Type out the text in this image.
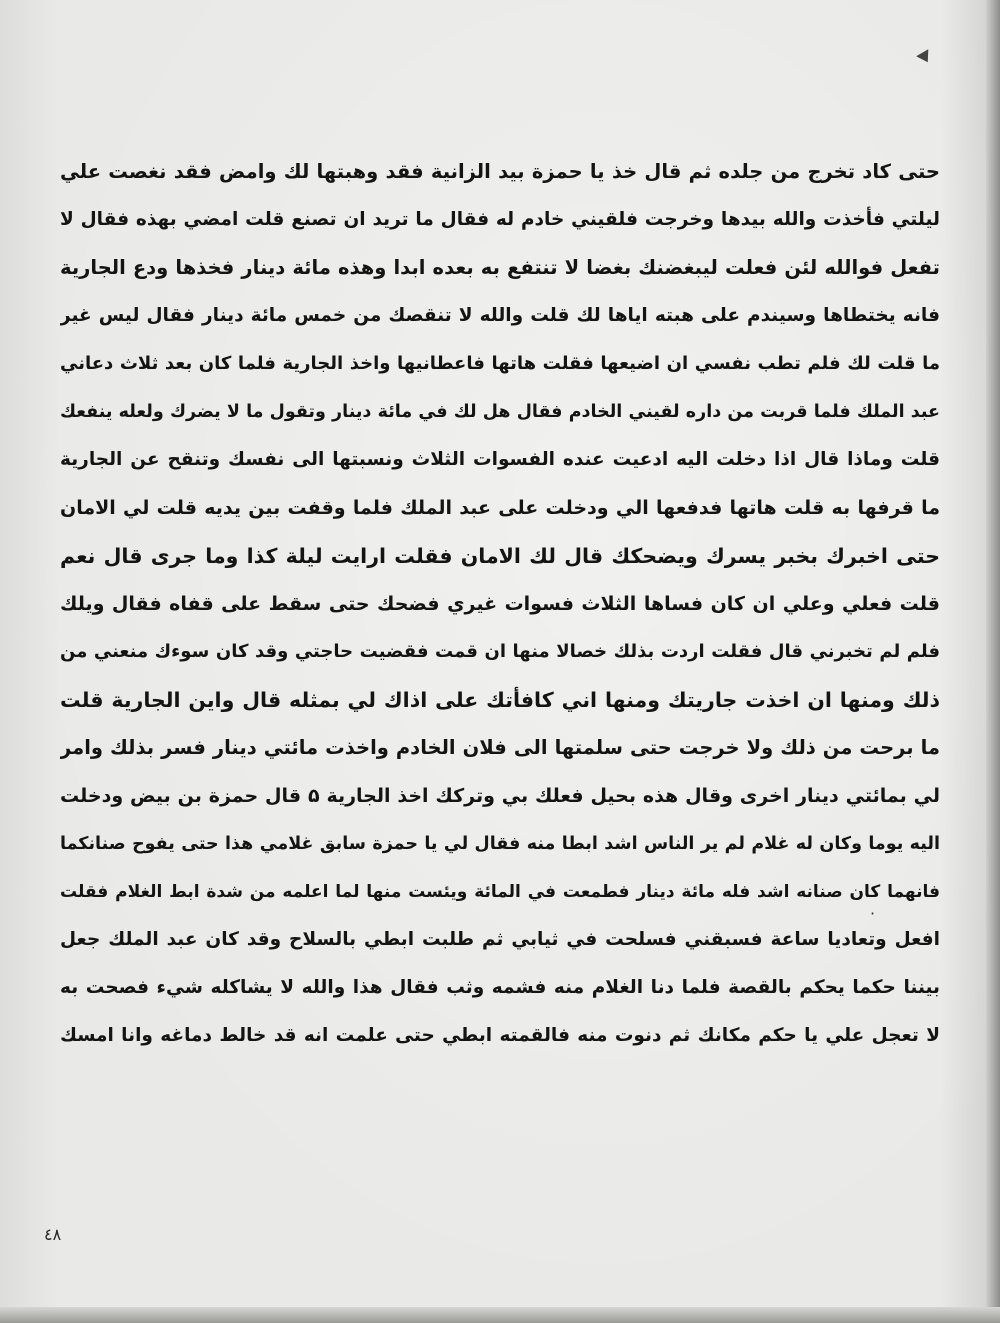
حتى كاد تخرج من جلده ثم قال خذ يا حمزة بيد الزانية فقد وهبتها لك وامض فقد نغصت علي
ليلتي فأخذت والله بيدها وخرجت فلقيني خادم له فقال ما تريد ان تصنع قلت امضي بهذه فقال لا
تفعل فوالله لئن فعلت ليبغضنك بغضا لا تنتفع به بعده ابدا وهذه مائة دينار فخذها ودع الجارية
فانه يختطاها وسيندم على هبته اياها لك قلت والله لا تنقصك من خمس مائة دينار فقال ليس غير
ما قلت لك فلم تطب نفسي ان اضيعها فقلت هاتها فاعطانيها واخذ الجارية فلما كان بعد ثلاث دعاني
عبد الملك فلما قربت من داره لقيني الخادم فقال هل لك في مائة دينار وتقول ما لا يضرك ولعله ينفعك
قلت وماذا قال اذا دخلت اليه ادعيت عنده الفسوات الثلاث ونسبتها الى نفسك وتنقح عن الجارية
ما قرفها به قلت هاتها فدفعها الي ودخلت على عبد الملك فلما وقفت بين يديه قلت لي الامان
حتى اخبرك بخبر يسرك ويضحكك قال لك الامان فقلت ارايت ليلة كذا وما جرى قال نعم
قلت فعلي وعلي ان كان فساها الثلاث فسوات غيري فضحك حتى سقط على قفاه فقال ويلك
فلم لم تخبرني قال فقلت اردت بذلك خصالا منها ان قمت فقضيت حاجتي وقد كان سوءك منعني من
ذلك ومنها ان اخذت جاريتك ومنها اني كافأتك على اذاك لي بمثله قال واين الجارية قلت
ما برحت من ذلك ولا خرجت حتى سلمتها الى فلان الخادم واخذت مائتي دينار فسر بذلك وامر
لي بمائتي دينار اخرى وقال هذه بحيل فعلك بي وتركك اخذ الجارية ۵ قال حمزة بن بيض ودخلت
اليه يوما وكان له غلام لم ير الناس اشد ابطا منه فقال لي يا حمزة سابق غلامي هذا حتى يفوح صنانكما
فانهما كان صنانه اشد فله مائة دينار فطمعت في المائة ويئست منها لما اعلمه من شدة ابط الغلام فقلت
افعل وتعاديا ساعة فسبقني فسلحت في ثيابي ثم طلبت ابطي بالسلاح وقد كان عبد الملك جعل
بيننا حكما يحكم بالقصة فلما دنا الغلام منه فشمه وثب فقال هذا والله لا يشاكله شيء فصحت به
لا تعجل علي يا حكم مكانك ثم دنوت منه فالقمته ابطي حتى علمت انه قد خالط دماغه وانا امسك
·
٤٨
